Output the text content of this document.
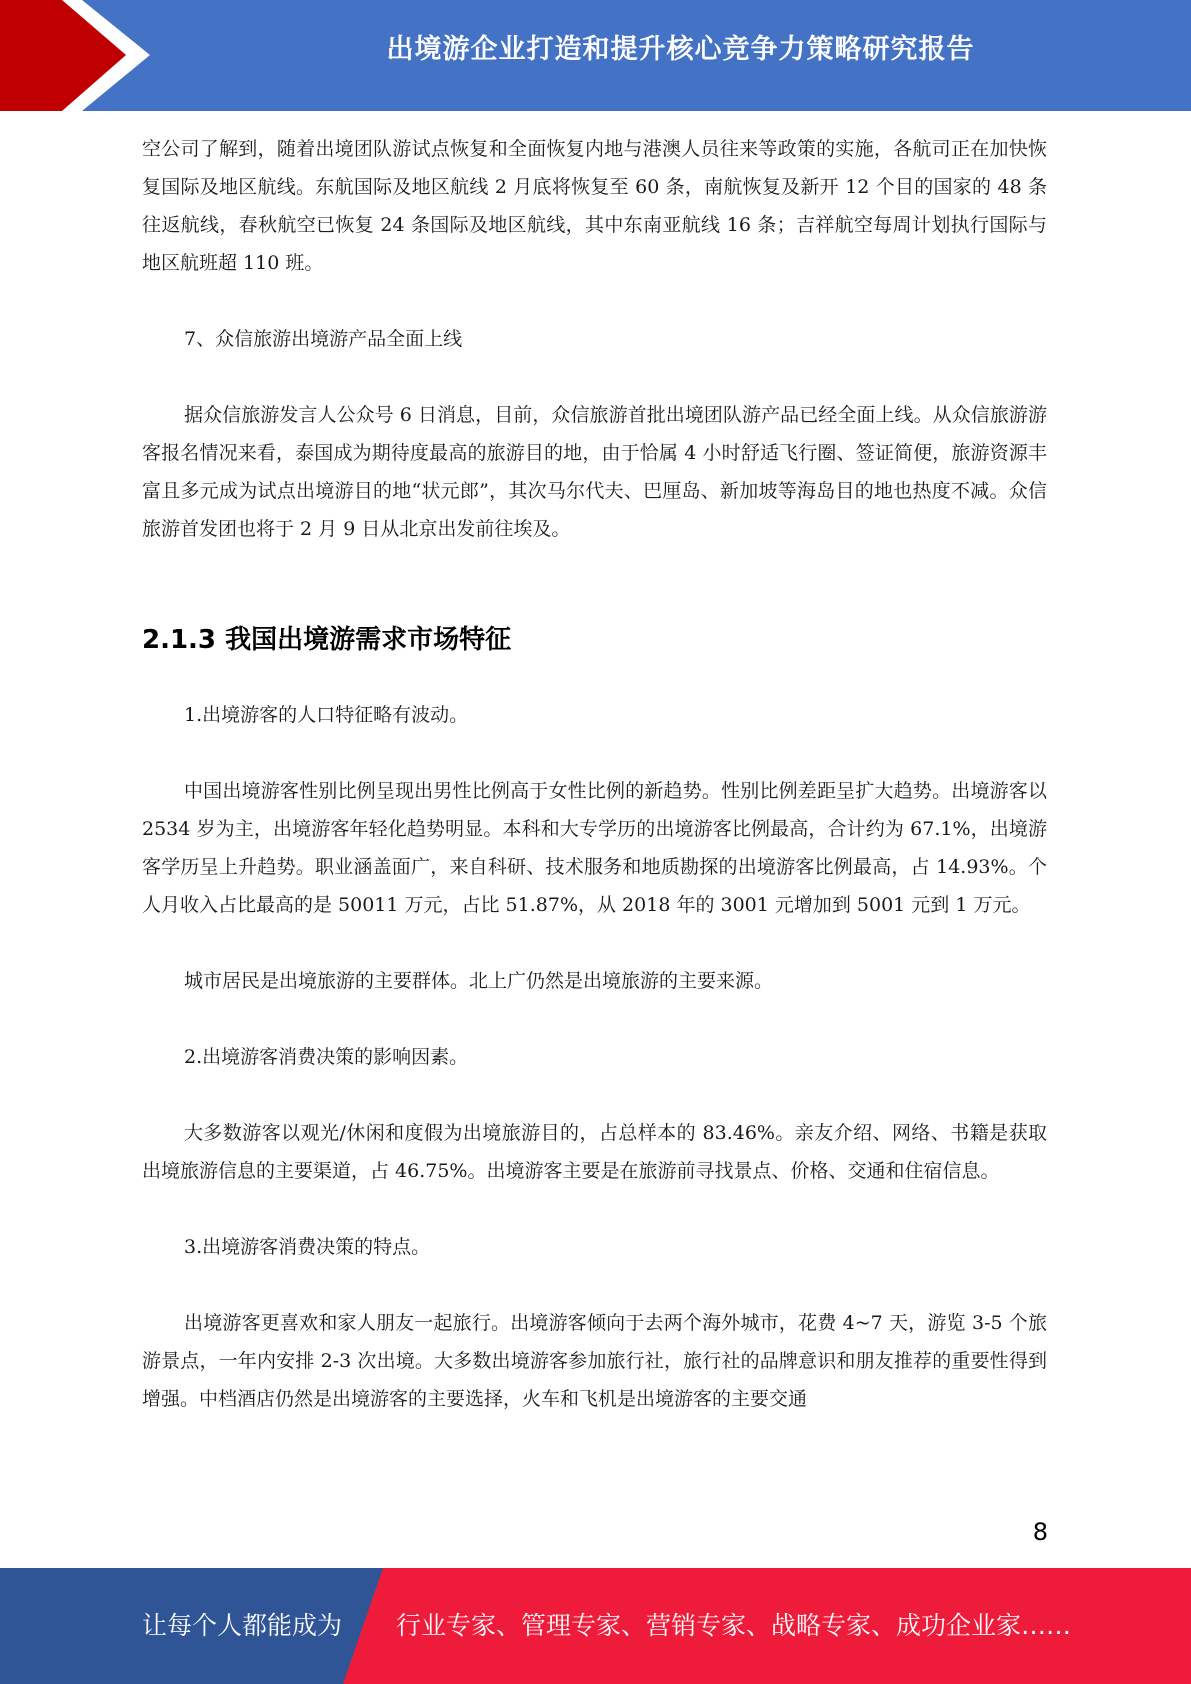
出境游企业打造和提升核心竞争力策略研究报告

空公司了解到，随着出境团队游试点恢复和全面恢复内地与港澳人员往来等政策的实施，各航司正在加快恢复国际及地区航线。东航国际及地区航线 2 月底将恢复至 60 条，南航恢复及新开 12 个目的国家的 48 条往返航线，春秋航空已恢复 24 条国际及地区航线，其中东南亚航线 16 条；吉祥航空每周计划执行国际与地区航班超 110 班。

7、众信旅游出境游产品全面上线

据众信旅游发言人公众号 6 日消息，目前，众信旅游首批出境团队游产品已经全面上线。从众信旅游游客报名情况来看，泰国成为期待度最高的旅游目的地，由于恰属 4 小时舒适飞行圈、签证简便，旅游资源丰富且多元成为试点出境游目的地“状元郎”，其次马尔代夫、巴厘岛、新加坡等海岛目的地也热度不减。众信旅游首发团也将于 2 月 9 日从北京出发前往埃及。

2.1.3 我国出境游需求市场特征

1.出境游客的人口特征略有波动。

中国出境游客性别比例呈现出男性比例高于女性比例的新趋势。性别比例差距呈扩大趋势。出境游客以 2534 岁为主，出境游客年轻化趋势明显。本科和大专学历的出境游客比例最高，合计约为 67.1%，出境游客学历呈上升趋势。职业涵盖面广，来自科研、技术服务和地质勘探的出境游客比例最高，占 14.93%。个人月收入占比最高的是 50011 万元，占比 51.87%，从 2018 年的 3001 元增加到 5001 元到 1 万元。

城市居民是出境旅游的主要群体。北上广仍然是出境旅游的主要来源。

2.出境游客消费决策的影响因素。

大多数游客以观光/休闲和度假为出境旅游目的，占总样本的 83.46%。亲友介绍、网络、书籍是获取出境旅游信息的主要渠道，占 46.75%。出境游客主要是在旅游前寻找景点、价格、交通和住宿信息。

3.出境游客消费决策的特点。

出境游客更喜欢和家人朋友一起旅行。出境游客倾向于去两个海外城市，花费 4~7 天，游览 3-5 个旅游景点，一年内安排 2-3 次出境。大多数出境游客参加旅行社，旅行社的品牌意识和朋友推荐的重要性得到增强。中档酒店仍然是出境游客的主要选择，火车和飞机是出境游客的主要交通

8
让每个人都能成为 行业专家、管理专家、营销专家、战略专家、成功企业家……
